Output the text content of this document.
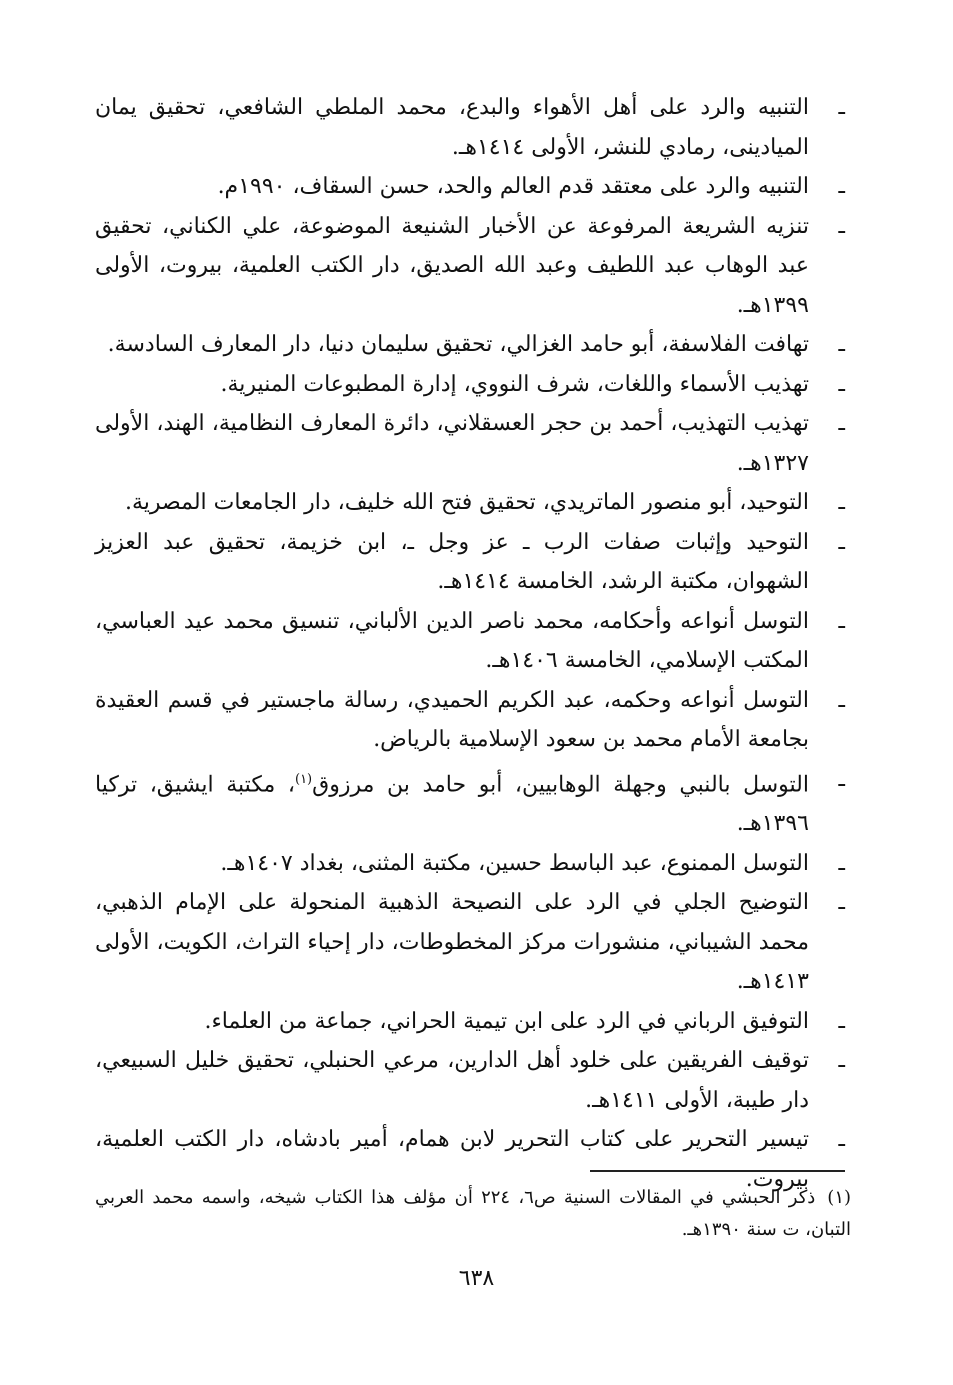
ـ
التنبيه والرد على أهل الأهواء والبدع، محمد الملطي الشافعي، تحقيق يمان الميادينى، رمادي للنشر، الأولى ١٤١٤هـ.

ـ
التنبيه والرد على معتقد قدم العالم والحد، حسن السقاف، ١٩٩٠م.

ـ
تنزيه الشريعة المرفوعة عن الأخبار الشنيعة الموضوعة، علي الكناني، تحقيق عبد الوهاب عبد اللطيف وعبد الله الصديق، دار الكتب العلمية، بيروت، الأولى ١٣٩٩هـ.

ـ
تهافت الفلاسفة، أبو حامد الغزالي، تحقيق سليمان دنيا، دار المعارف السادسة.

ـ
تهذيب الأسماء واللغات، شرف النووي، إدارة المطبوعات المنيرية.

ـ
تهذيب التهذيب، أحمد بن حجر العسقلاني، دائرة المعارف النظامية، الهند، الأولى ١٣٢٧هـ.

ـ
التوحيد، أبو منصور الماتريدي، تحقيق فتح الله خليف، دار الجامعات المصرية.

ـ
التوحيد وإثبات صفات الرب ـ عز وجل ـ، ابن خزيمة، تحقيق عبد العزيز الشهوان، مكتبة الرشد، الخامسة ١٤١٤هـ.

ـ
التوسل أنواعه وأحكامه، محمد ناصر الدين الألباني، تنسيق محمد عيد العباسي، المكتب الإسلامي، الخامسة ١٤٠٦هـ.

ـ
التوسل أنواعه وحكمه، عبد الكريم الحميدي، رسالة ماجستير في قسم العقيدة بجامعة الأمام محمد بن سعود الإسلامية بالرياض.

ـ
التوسل بالنبي وجهلة الوهابيين، أبو حامد بن مرزوق$^{(١)}$، مكتبة ايشيق، تركيا ١٣٩٦هـ.

ـ
التوسل الممنوع، عبد الباسط حسين، مكتبة المثنى، بغداد ١٤٠٧هـ.

ـ
التوضيح الجلي في الرد على النصيحة الذهبية المنحولة على الإمام الذهبي، محمد الشيباني، منشورات مركز المخطوطات، دار إحياء التراث، الكويت، الأولى ١٤١٣هـ.

ـ
التوفيق الرباني في الرد على ابن تيمية الحراني، جماعة من العلماء.

ـ
توقيف الفريقين على خلود أهل الدارين، مرعي الحنبلي، تحقيق خليل السبيعي، دار طيبة، الأولى ١٤١١هـ.

ـ
تيسير التحرير على كتاب التحرير لابن همام، أمير بادشاه، دار الكتب العلمية، بيروت.

(١)ذكر الحبشي في المقالات السنية ص٦، ٢٢٤ أن مؤلف هذا الكتاب شيخه، واسمه محمد العربي التبان، ت سنة ١٣٩٠هـ.
٦٣٨
